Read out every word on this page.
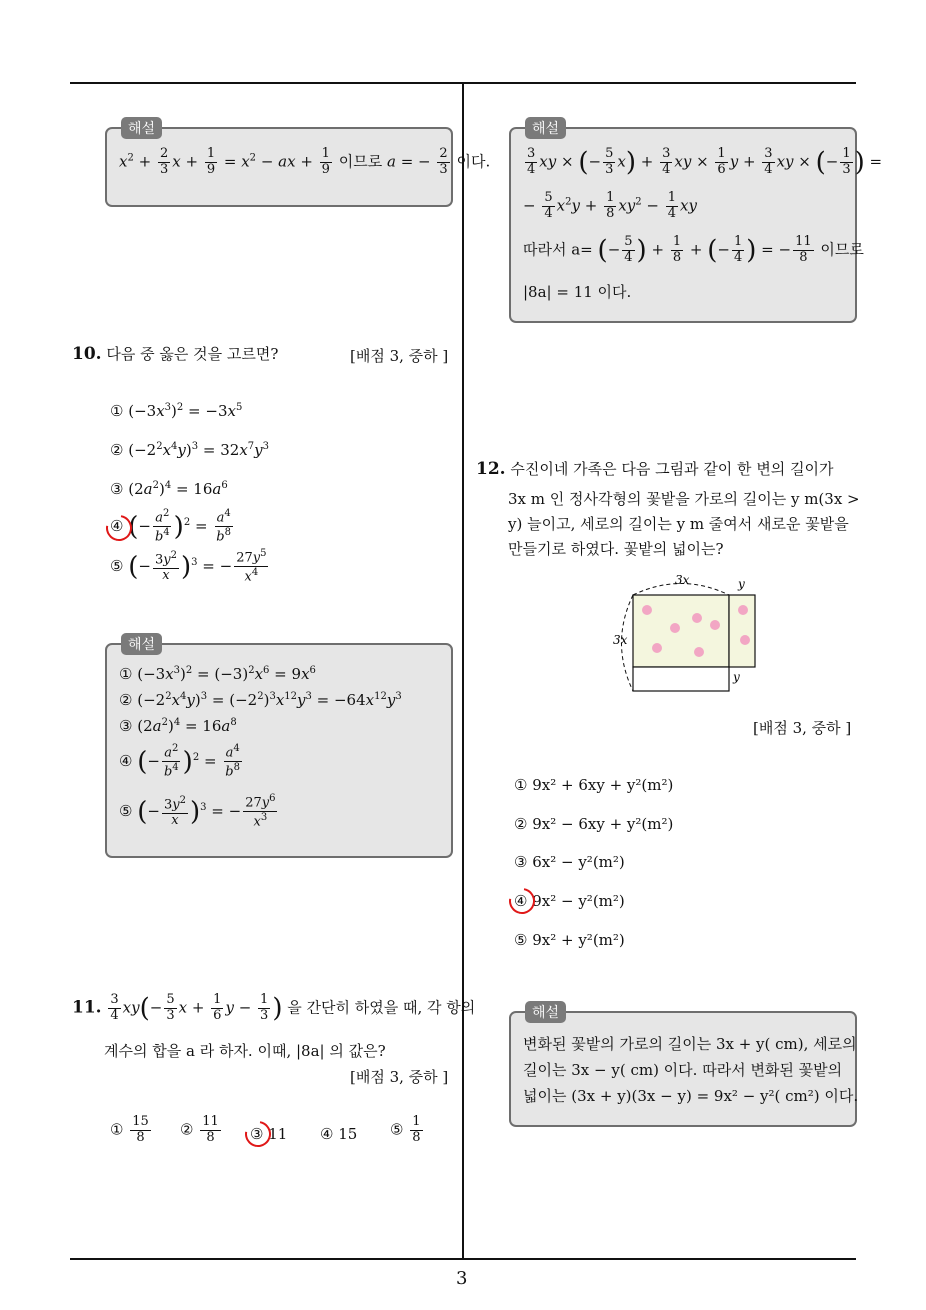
해설
$x^2 + \frac{2}{3}$ $x + \frac{1}{9} = x^2$ − ax + $\frac{1}{9}$ 이므로 a = − $\frac{2}{3}$ 이다.
10. 다음 중 옳은 것을 고르면?	[배점 3, 중하 ]
① $(-3x^3)^2 = -3x^5$
② $(-2^2x^4y)^3 = 32x^7y^3$
③ $(2a^2)^4 = 16a^6$
④ (− $\frac{a^2}{b^4} )^2 = \frac{a^4}{b^8}$
⑤ (− $\frac{3y^2}{x} )^3$ = − $\frac{27y^5}{x^4}$
해설
① $(-3x^3)^2 = (-3)^2x^6 = 9x^6$
② $(-2^2x^4y)^3 = (-2^2)^3x^{12}y^3 = -64x^{12}y^3$
③ $(2a^2)^4 = 16a^8$
④ (− $\frac{a^2}{b^4} )^2 = \frac{a^4}{b^8}$
⑤ (− $\frac{3y^2}{x} )^3$ = − $\frac{27y^6}{x^3}$
11. $\frac{3}{4} xy(- \frac{5}{3}$ $x + \frac{1}{6}$ $y - \frac{1}{3}$ ) 을 간단히 하였을 때, 각 항의
계수의 합을 a 라 하자. 이때, |8a| 의 값은?
[배점 3, 중하 ]
① $\frac{15}{8}$ ② $\frac{11}{8}$ ③ 11 ④ 15 ⑤ $\frac{1}{8}$
해설
$\frac{3}{4}$ xy × (− $\frac{5}{3} x) + \frac{3}{4}$ xy × $\frac{1}{6}$ $y + \frac{3}{4}$ xy × (− $\frac{1}{3}$ ) =
− $\frac{5}{4} x^2y + \frac{1}{8} xy^2 - \frac{1}{4}$ xy
따라서 a= (− $\frac{5}{4}$ ) + $\frac{1}{8}$ + (− $\frac{1}{4}$ ) = − $\frac{11}{8}$ 이므로
|8a| = 11 이다.
12. 수진이네 가족은 다음 그림과 같이 한 변의 길이가
3x m 인 정사각형의 꽃밭을 가로의 길이는 y m(3x >
y) 늘이고, 세로의 길이는 y m 줄여서 새로운 꽃밭을
만들기로 하였다. 꽃밭의 넓이는?
3x	y
3x
y
[배점 3, 중하 ]
① 9x² + 6xy + y²(m²)
② 9x² − 6xy + y²(m²)
③ 6x² − y²(m²)
④ 9x² − y²(m²)
⑤ 9x² + y²(m²)
해설
변화된 꽃밭의 가로의 길이는 3x + y( cm), 세로의
길이는 3x − y( cm) 이다. 따라서 변화된 꽃밭의
넓이는 (3x + y)(3x − y) = 9x² − y²( cm²) 이다.
3
